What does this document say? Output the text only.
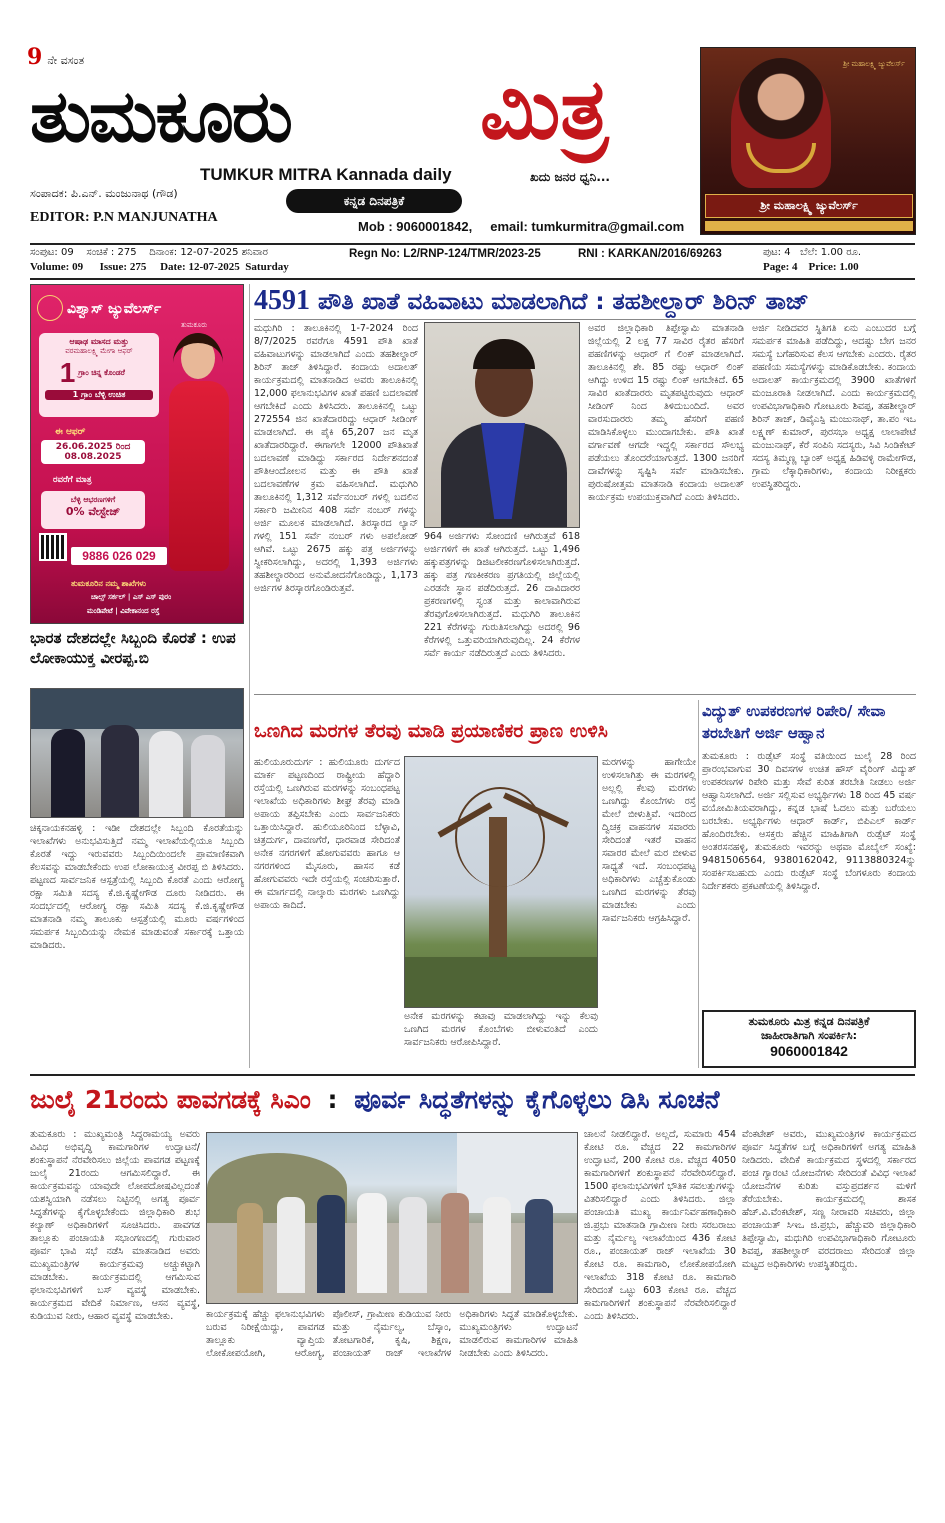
9 ನೇ ವಸಂತ
ತುಮಕೂರು ಮಿತ್ರ
TUMKUR MITRA Kannada daily	ಖದು ಜನರ ಧ್ವನಿ...
ಸಂಪಾದಕ: ಪಿ.ಎನ್. ಮಂಜುನಾಥ (ಗೌಡ)
ಕನ್ನಡ ದಿನಪತ್ರಿಕೆ
EDITOR: P.N MANJUNATHA
Mob : 9060001842,     email: tumkurmitra@gmail.com
ಶ್ರೀ ಮಹಾಲಕ್ಷ್ಮಿ ಜ್ಯುವೆಲರ್ಸ್
ಶ್ರೀ ಮಹಾಲಕ್ಷ್ಮಿ ಜ್ಯುವೆಲರ್ಸ್
ಸಂಪುಟ: 09    ಸಂಚಿಕೆ : 275    ದಿನಾಂಕ: 12-07-2025 ಶನಿವಾರ
Volume: 09      Issue: 275     Date: 12-07-2025  Saturday
Regn No: L2/RNP-124/TMR/2023-25	RNI : KARKAN/2016/69263	ಪುಟ: 4   ಬೆಲೆ: 1.00 ರೂ.
Page: 4    Price: 1.00
ವಿಶ್ವಾಸ್ ಜ್ಯುವೆಲರ್ಸ್
ತುಮಕೂರು
ಆಷಾಢ ಮಾಸದ ಮತ್ತು
ವರಮಹಾಲಕ್ಷ್ಮಿ ಮೇಗಾ ಆಫರ್
1 ಗ್ರಾಂ ಚಿನ್ನ ಕೊಂಡರೆ
1 ಗ್ರಾಂ ಬೆಳ್ಳಿ ಉಚಿತ
ಈ ಆಫರ್
26.06.2025 ರಿಂದ
08.08.2025
ರವರೆಗೆ ಮಾತ್ರ
ಬೆಳ್ಳಿ ಆಭರಣಗಳಿಗೆ
0% ವೇಸ್ಟೇಜ್
9886 026 029
ತುಮಕೂರಿನ ನಮ್ಮ ಶಾಖೆಗಳು
ಚಾಲ್ಸ್ ಸರ್ಕಲ್ | ಎಸ್ ಎಸ್ ಪುರಂ
ಮಂಡಿಪೇಟೆ | ವಿವೇಕಾನಂದ ರಸ್ತೆ
4591 ಪೌತಿ ಖಾತೆ ವಹಿವಾಟು ಮಾಡಲಾಗಿದೆ : ತಹಶೀಲ್ದಾರ್ ಶಿರಿನ್ ತಾಜ್
ಮಧುಗಿರಿ : ತಾಲೂಕಿನಲ್ಲಿ 1-7-2024 ರಿಂದ 8/7/2025 ರವರೆಗೂ 4591 ಪೌತಿ ಖಾತೆ ವಹಿವಾಟುಗಳನ್ನು ಮಾಡಲಾಗಿದೆ ಎಂದು ತಹಶೀಲ್ದಾರ್ ಶಿರಿನ್ ತಾಜ್ ತಿಳಿಸಿದ್ದಾರೆ. ಕಂದಾಯ ಅದಾಲತ್ ಕಾರ್ಯಕ್ರಮದಲ್ಲಿ ಮಾತನಾಡಿದ ಅವರು ತಾಲೂಕಿನಲ್ಲಿ 12,000 ಫಲಾನುಭವಿಗಳ ಖಾತೆ ಪಹಣಿ ಬದಲಾವಣೆ ಆಗಬೇಕಿದೆ ಎಂದು ತಿಳಿಸಿದರು. ತಾಲೂಕಿನಲ್ಲಿ ಒಟ್ಟು 272554 ಜಿನ ಖಾತೆದಾರರಿದ್ದು ಆಧಾರ್ ಸೀಡಿಂಗ್ ಮಾಡಲಾಗಿದೆ. ಈ ಪೈಕಿ 65,207 ಜನ ಮೃತ ಖಾತೆದಾರರಿದ್ದಾರೆ. ಈಗಾಗಲೇ 12000 ಪೌತಿಖಾತೆ ಬದಲಾವಣೆ ಮಾಡಿದ್ದು ಸರ್ಕಾರದ ನಿರ್ದೇಶನದಂತೆ ಪೌತಿಆಂದೋಲನ ಮತ್ತು ಈ ಪೌತಿ ಖಾತೆ ಬದಲಾವಣೆಗಳ ಕ್ರಮ ವಹಿಸಲಾಗಿದೆ. ಮಧುಗಿರಿ ತಾಲೂಕಿನಲ್ಲಿ 1,312 ಸರ್ವೆನಂಬರ್ ಗಳಲ್ಲಿ ಬದಲಿನ ಸರ್ಕಾರಿ ಜಮೀನಿನ 408 ಸರ್ವೆ ನಂಬರ್ ಗಳನ್ನು ಅರ್ಜಿ ಮೂಲಕ ಮಾಡಲಾಗಿದೆ. ತಿರಸ್ಕಾರದ ಲ್ಯಾನ್ ಗಳಲ್ಲಿ 151 ಸರ್ವೆ ನಂಬರ್ ಗಳು ಅಪಲೋಡ್ ಆಗಿವೆ. ಒಟ್ಟು 2675 ಹಕ್ಕು ಪತ್ರ ಅರ್ಜಿಗಳನ್ನು ಸ್ವೀಕರಿಸಲಾಗಿದ್ದು, ಅದರಲ್ಲಿ 1,393 ಅರ್ಜಿಗಳು ತಹಶೀಲ್ದಾರರಿಂದ ಅನುಮೋದನೆಗೊಂಡಿದ್ದು, 1,173 ಅರ್ಜಿಗಳ ತಿರಸ್ಕಾರಗೊಂಡಿರುತ್ತವೆ.
964 ಅರ್ಜಿಗಳು ಸೋಂದಣಿ ಆಗಿರುತ್ತವೆ 618 ಅರ್ಜಿಗಳಿಗೆ ಈ ಖಾತೆ ಆಗಿರುತ್ತದೆ. ಒಟ್ಟು 1,496 ಹಕ್ಕುಪತ್ರಗಳನ್ನು ಡಿಜಿಟಲೀಕರಣಗೊಳಿಸಲಾಗಿರುತ್ತದೆ. ಹಕ್ಕು ಪತ್ರ ಗಣಕೀಕರಣ ಪ್ರಗತಿಯಲ್ಲಿ ಜಿಲ್ಲೆಯಲ್ಲಿ ಎರಡನೇ ಸ್ಥಾನ ಪಡೆದಿರುತ್ತದೆ. 26 ದಾವಿದಾರರ ಪ್ರಕರಣಗಳಲ್ಲಿ ಸ್ವಂತ ಮತ್ತು ಕಾಲಾವಾಗಿರುವ ತೆರವುಗೊಳಿಸಲಾಗಿರುತ್ತದೆ. ಮಧುಗಿರಿ ತಾಲೂಕಿನ 221 ಕೆರೆಗಳನ್ನು ಗುರುತಿಸಲಾಗಿದ್ದು ಅದರಲ್ಲಿ 96 ಕೆರೆಗಳಲ್ಲಿ ಒತ್ತುವರಿಯಾಗಿರುವುದಿಲ್ಲ. 24 ಕೆರೆಗಳ ಸರ್ವೆ ಕಾರ್ಯ ನಡೆದಿರುತ್ತದೆ ಎಂದು ತಿಳಿಸಿದರು.
ಅವರ ಜಿಲ್ಲಾಧಿಕಾರಿ ತಿಪ್ಪೇಸ್ವಾಮಿ ಮಾತನಾಡಿ ಜಿಲ್ಲೆಯಲ್ಲಿ 2 ಲಕ್ಷ 77 ಸಾವಿರ ರೈತರ ಹೆಸರಿಗೆ ಪಹಣಿಗಳನ್ನು ಆಧಾರ್ ಗೆ ಲಿಂಕ್ ಮಾಡಲಾಗಿದೆ. ತಾಲೂಕಿನಲ್ಲಿ ಶೇ. 85 ರಷ್ಟು ಆಧಾರ್ ಲಿಂಕ್ ಆಗಿದ್ದು ಉಳಿದ 15 ರಷ್ಟು ಲಿಂಕ್ ಆಗಬೇಕಿದೆ. 65 ಸಾವಿರ ಖಾತೆದಾರರು ಮೃತಪಟ್ಟಿರುವುದು ಆಧಾರ್ ಸೀಡಿಂಗ್ ನಿಂದ ತಿಳಿದುಬಂದಿದೆ. ಅವರ ವಾರಸುದಾರರು ತಮ್ಮ ಹೆಸರಿಗೆ ಪಹಣಿ ಮಾಡಿಸಿಕೊಳ್ಳಲು ಮುಂದಾಗಬೇಕು. ಪೌತಿ ಖಾತೆ ವರ್ಗಾವಣೆ ಆಗದೇ ಇದ್ದಲ್ಲಿ ಸರ್ಕಾರದ ಸೌಲಭ್ಯ ಪಡೆಯಲು ತೊಂದರೆಯಾಗುತ್ತದೆ. 1300 ಜನರಿಗೆ ದಾವೆಗಳನ್ನು ಸೃಷ್ಟಿಸಿ ಸರ್ವೆ ಮಾಡಿಸಬೇಕು. ಪುರುಷೋತ್ತಮ ಮಾತನಾಡಿ ಕಂದಾಯ ಅದಾಲತ್ ಕಾರ್ಯಕ್ರಮ ಉಪಯುಕ್ತವಾಗಿದೆ ಎಂದು ತಿಳಿಸಿದರು.
ಅರ್ಜಿ ನೀಡಿದವರ ಸ್ಥಿತಿಗತಿ ಏನು ಎಂಬುದರ ಬಗ್ಗೆ ಸಮರ್ಪಕ ಮಾಹಿತಿ ಪಡೆದಿದ್ದು, ಆದಷ್ಟು ಬೇಗ ಜನರ ಸಮಸ್ಯೆ ಬಗೆಹರಿಸುವ ಕೆಲಸ ಆಗಬೇಕು ಎಂದರು. ರೈತರ ಪಹಣಿಯ ಸಮಸ್ಯೆಗಳನ್ನು ಮಾಡಿಕೊಡಬೇಕು. ಕಂದಾಯ ಅದಾಲತ್ ಕಾರ್ಯಕ್ರಮದಲ್ಲಿ 3900 ಖಾತೆಗಳಿಗೆ ಮಂಜೂರಾತಿ ನೀಡಲಾಗಿದೆ. ಎಂದು ಕಾರ್ಯಕ್ರಮದಲ್ಲಿ ಉಪವಿಭಾಗಾಧಿಕಾರಿ ಗೋಟೂರು ಶಿವಪ್ಪ, ತಹಶೀಲ್ದಾರ್ ಶಿರಿನ್ ತಾಜ್, ಡಿವೈಎಸ್ಪಿ ಮಂಜುನಾಥ್, ತಾ.ಪಂ ಇಒ ಲಕ್ಷ್ಮಣ್ ಕುಮಾರ್, ಪುರಸಭಾ ಅಧ್ಯಕ್ಷ ಲಾಲಾಪೇಟೆ ಮಂಜುನಾಥ್, ಕೆರೆ ಸಂಪಿನಿ ಸದಸ್ಯರು, ಸಿವಿ ಸಿಂಡಿಕೇಟ್ ಸದಸ್ಯ ತಿಮ್ಮಣ್ಣ ಬ್ಯಾಂಕ್ ಅಧ್ಯಕ್ಷ ಹಿಡಿವಳ್ಳಿ ರಾಮೇಗೌಡ, ಗ್ರಾಮ ಲೆಕ್ಕಾಧಿಕಾರಿಗಳು, ಕಂದಾಯ ನಿರೀಕ್ಷಕರು ಉಪಸ್ಥಿತರಿದ್ದರು.
ಭಾರತ ದೇಶದಲ್ಲೇ ಸಿಬ್ಬಂದಿ ಕೊರತೆ : ಉಪ ಲೋಕಾಯುಕ್ತ ವೀರಪ್ಪ.ಬಿ
ಚಿಕ್ಕನಾಯಕನಹಳ್ಳಿ : ಇಡೀ ದೇಶದಲ್ಲೇ ಸಿಬ್ಬಂದಿ ಕೊರತೆಯನ್ನು ಇಲಾಖೆಗಳು ಅನುಭವಿಸುತ್ತಿದೆ ನಮ್ಮ ಇಲಾಖೆಯಲ್ಲಿಯೂ ಸಿಬ್ಬಂದಿ ಕೊರತೆ ಇದ್ದು ಇರುವವರು ಸಿಬ್ಬಂದಿಯಿಂದಲೇ ಪ್ರಾಮಾಣಿಕವಾಗಿ ಕೆಲಸವನ್ನು ಮಾಡಬೇಕೆಂದು ಉಪ ಲೋಕಾಯುಕ್ತ ವೀರಪ್ಪ ಬಿ ತಿಳಿಸಿದರು. ಪಟ್ಟಣದ ಸಾರ್ವಜನಿಕ ಆಸ್ಪತ್ರೆಯಲ್ಲಿ ಸಿಬ್ಬಂದಿ ಕೊರತೆ ಎಂದು ಆರೋಗ್ಯ ರಕ್ಷಾ ಸಮಿತಿ ಸದಸ್ಯ ಕೆ.ಜಿ.ಕೃಷ್ಣೇಗೌಡ ದೂರು ನೀಡಿದರು. ಈ ಸಂದರ್ಭದಲ್ಲಿ ಆರೋಗ್ಯ ರಕ್ಷಾ ಸಮಿತಿ ಸದಸ್ಯ ಕೆ.ಜಿ.ಕೃಷ್ಣೇಗೌಡ ಮಾತನಾಡಿ ನಮ್ಮ ತಾಲೂಕು ಆಸ್ಪತ್ರೆಯಲ್ಲಿ ಮೂರು ವರ್ಷಗಳಿಂದ ಸಮರ್ಪಕ ಸಿಬ್ಬಂದಿಯನ್ನು ನೇಮಕ ಮಾಡುವಂತೆ ಸರ್ಕಾರಕ್ಕೆ ಒತ್ತಾಯ ಮಾಡಿದರು.
ಒಣಗಿದ ಮರಗಳ ತೆರವು ಮಾಡಿ ಪ್ರಯಾಣಿಕರ ಪ್ರಾಣ ಉಳಿಸಿ
ಹುಲಿಯೂರುದುರ್ಗ : ಹುಲಿಯೂರು ದುರ್ಗದ ಮಾರ್ಕ ಪಟ್ಟಣದಿಂದ ರಾಷ್ಟ್ರೀಯ ಹೆದ್ದಾರಿ ರಸ್ತೆಯಲ್ಲಿ ಒಣಗಿರುವ ಮರಗಳನ್ನು ಸಂಬಂಧಪಟ್ಟ ಇಲಾಖೆಯ ಅಧಿಕಾರಿಗಳು ಶೀಘ್ರ ತೆರವು ಮಾಡಿ ಅಪಾಯ ತಪ್ಪಿಸಬೇಕು ಎಂದು ಸಾರ್ವಜನಿಕರು ಒತ್ತಾಯಿಸಿದ್ದಾರೆ. ಹುಲಿಯೂರಿನಿಂದ ಬೆಳ್ಳಾವಿ, ಚಿತ್ರದುರ್ಗ, ದಾವಣಗೆರೆ, ಧಾರವಾಡ ಸೇರಿದಂತೆ ಅನೇಕ ನಗರಗಳಿಗೆ ಹೋಗುವವರು ಹಾಗೂ ಆ ನಗರಗಳಿಂದ ಮೈಸೂರು, ಹಾಸನ ಕಡೆ ಹೋಗುವವರು ಇದೇ ರಸ್ತೆಯಲ್ಲಿ ಸಂಚರಿಸುತ್ತಾರೆ. ಈ ಮಾರ್ಗದಲ್ಲಿ ನಾಲ್ಕಾರು ಮರಗಳು ಒಣಗಿದ್ದು ಅಪಾಯ ಕಾದಿದೆ.
ಅನೇಕ ಮರಗಳನ್ನು ಕಟಾವು ಮಾಡಲಾಗಿದ್ದು ಇನ್ನು ಕೆಲವು ಒಣಗಿದ ಮರಗಳ ಕೊಂಬೆಗಳು ಬೀಳುವಂತಿದೆ ಎಂದು ಸಾರ್ವಜನಿಕರು ಆರೋಪಿಸಿದ್ದಾರೆ.
ಮರಗಳನ್ನು ಹಾಗೇಯೇ ಉಳಿಸಲಾಗಿತ್ತು ಈ ಮರಗಳಲ್ಲಿ ಅಲ್ಲಲ್ಲಿ ಕೆಲವು ಮರಗಳು ಒಣಗಿದ್ದು ಕೊಂಬೆಗಳು ರಸ್ತೆ ಮೇಲೆ ಬೀಳುತ್ತಿವೆ. ಇದರಿಂದ ದ್ವಿಚಕ್ರ ವಾಹನಗಳ ಸವಾರರು ಸೇರಿದಂತೆ ಇತರೆ ವಾಹನ ಸವಾರರ ಮೇಲೆ ಮರ ಬೀಳುವ ಸಾಧ್ಯತೆ ಇದೆ. ಸಂಬಂಧಪಟ್ಟ ಅಧಿಕಾರಿಗಳು ಎಚ್ಚೆತ್ತುಕೊಂಡು ಒಣಗಿದ ಮರಗಳನ್ನು ತೆರವು ಮಾಡಬೇಕು ಎಂದು ಸಾರ್ವಜನಿಕರು ಆಗ್ರಹಿಸಿದ್ದಾರೆ.
ವಿದ್ಯುತ್ ಉಪಕರಣಗಳ ರಿಪೇರಿ/ ಸೇವಾ ತರಬೇತಿಗೆ ಅರ್ಜಿ ಆಹ್ವಾನ
ತುಮಕೂರು : ರುಡ್ಸೆಟ್ ಸಂಸ್ಥೆ ವತಿಯಿಂದ ಜುಲೈ 28 ರಿಂದ ಪ್ರಾರಂಭವಾಗುವ 30 ದಿವಸಗಳ ಉಚಿತ ಹೌಸ್ ವೈರಿಂಗ್ ವಿದ್ಯುತ್ ಉಪಕರಣಗಳ ರಿಪೇರಿ ಮತ್ತು ಸೇವೆ ಕುರಿತ ತರಬೇತಿ ನೀಡಲು ಅರ್ಜಿ ಆಹ್ವಾನಿಸಲಾಗಿದೆ. ಅರ್ಜಿ ಸಲ್ಲಿಸುವ ಅಭ್ಯರ್ಥಿಗಳು 18 ರಿಂದ 45 ವರ್ಷ ವಯೋಮಿತಿಯವರಾಗಿದ್ದು, ಕನ್ನಡ ಭಾಷೆ ಓದಲು ಮತ್ತು ಬರೆಯಲು ಬರಬೇಕು. ಅಭ್ಯರ್ಥಿಗಳು ಆಧಾರ್ ಕಾರ್ಡ್, ಬಿಪಿಎಲ್ ಕಾರ್ಡ್ ಹೊಂದಿರಬೇಕು. ಆಸಕ್ತರು ಹೆಚ್ಚಿನ ಮಾಹಿತಿಗಾಗಿ ರುಡ್ಸೆಟ್ ಸಂಸ್ಥೆ ಅಂತರಸನಹಳ್ಳಿ, ತುಮಕೂರು ಇವರನ್ನು ಅಥವಾ ಮೊಬೈಲ್ ಸಂಖ್ಯೆ: 9481506564, 9380162042, 9113880324ನ್ನು ಸಂಪರ್ಕಿಸಬಹುದು ಎಂದು ರುಡ್ಸೆಟ್ ಸಂಸ್ಥೆ ಬೆಂಗಳೂರು ಕಂದಾಯ ನಿರ್ದೇಶಕರು ಪ್ರಕಟಣೆಯಲ್ಲಿ ತಿಳಿಸಿದ್ದಾರೆ.
ತುಮಕೂರು ಮಿತ್ರ ಕನ್ನಡ ದಿನಪತ್ರಿಕೆ
ಜಾಹೀರಾತಿಗಾಗಿ ಸಂಪರ್ಕಿಸಿ:
9060001842
ಜುಲೈ 21ರಂದು ಪಾವಗಡಕ್ಕೆ ಸಿಎಂ : ಪೂರ್ವ ಸಿದ್ಧತೆಗಳನ್ನು ಕೈಗೊಳ್ಳಲು ಡಿಸಿ ಸೂಚನೆ
ತುಮಕೂರು : ಮುಖ್ಯಮಂತ್ರಿ ಸಿದ್ದರಾಮಯ್ಯ ಅವರು ವಿವಿಧ ಅಭಿವೃದ್ಧಿ ಕಾಮಗಾರಿಗಳ ಉದ್ಘಾಟನೆ/ ಶಂಕುಸ್ಥಾಪನೆ ನೆರವೇರಿಸಲು ಜಿಲ್ಲೆಯ ಪಾವಗಡ ಪಟ್ಟಣಕ್ಕೆ ಜುಲೈ 21ರಂದು ಆಗಮಿಸಲಿದ್ದಾರೆ. ಈ ಕಾರ್ಯಕ್ರಮವನ್ನು ಯಾವುದೇ ಲೋಪದೋಷವಿಲ್ಲದಂತೆ ಯಶಸ್ವಿಯಾಗಿ ನಡೆಸಲು ನಿಟ್ಟಿನಲ್ಲಿ ಅಗತ್ಯ ಪೂರ್ವ ಸಿದ್ಧತೆಗಳನ್ನು ಕೈಗೊಳ್ಳಬೇಕೆಂದು ಜಿಲ್ಲಾಧಿಕಾರಿ ಶುಭ ಕಲ್ಯಾಣ್ ಅಧಿಕಾರಿಗಳಿಗೆ ಸೂಚಿಸಿದರು. ಪಾವಗಡ ತಾಲ್ಲೂಕು ಪಂಚಾಯತಿ ಸಭಾಂಗಣದಲ್ಲಿ ಗುರುವಾರ ಪೂರ್ವ ಭಾವಿ ಸಭೆ ನಡೆಸಿ ಮಾತನಾಡಿದ ಅವರು ಮುಖ್ಯಮಂತ್ರಿಗಳ ಕಾರ್ಯಕ್ರಮವು ಅಚ್ಚುಕಟ್ಟಾಗಿ ಮಾಡಬೇಕು. ಕಾರ್ಯಕ್ರಮದಲ್ಲಿ ಆಗಮಿಸುವ ಫಲಾನುಭವಿಗಳಿಗೆ ಬಸ್ ವ್ಯವಸ್ಥೆ ಮಾಡಬೇಕು. ಕಾರ್ಯಕ್ರಮದ ವೇದಿಕೆ ನಿರ್ಮಾಣ, ಆಸನ ವ್ಯವಸ್ಥೆ, ಕುಡಿಯುವ ನೀರು, ಆಹಾರ ವ್ಯವಸ್ಥೆ ಮಾಡಬೇಕು.	ಕಾರ್ಯಕ್ರಮಕ್ಕೆ ಹೆಚ್ಚು ಫಲಾನುಭವಿಗಳು ಬರುವ ನಿರೀಕ್ಷೆಯಿದ್ದು, ಪಾವಗಡ ತಾಲ್ಲೂಕು ವ್ಯಾಪ್ತಿಯ ಲೋಕೋಪಯೋಗಿ, ಆರೋಗ್ಯ, ಪೊಲೀಸ್, ಗ್ರಾಮೀಣ ಕುಡಿಯುವ ನೀರು ಮತ್ತು ನೈರ್ಮಲ್ಯ, ಬೆಸ್ಕಾಂ, ತೋಟಗಾರಿಕೆ, ಕೃಷಿ, ಶಿಕ್ಷಣ, ಪಂಚಾಯತ್ ರಾಜ್ ಇಲಾಖೆಗಳ ಅಧಿಕಾರಿಗಳು ಸಿದ್ಧತೆ ಮಾಡಿಕೊಳ್ಳಬೇಕು. ಮುಖ್ಯಮಂತ್ರಿಗಳು ಉದ್ಘಾಟನೆ ಮಾಡಲಿರುವ ಕಾಮಗಾರಿಗಳ ಮಾಹಿತಿ ನೀಡಬೇಕು ಎಂದು ತಿಳಿಸಿದರು.
ಚಾಲನೆ ನೀಡಲಿದ್ದಾರೆ. ಅಲ್ಲದೆ, ಸುಮಾರು 454 ಕೋಟಿ ರೂ. ವೆಚ್ಚದ 22 ಕಾಮಗಾರಿಗಳ ಉದ್ಘಾಟನೆ, 200 ಕೋಟಿ ರೂ. ವೆಚ್ಚದ 4050 ಕಾಮಗಾರಿಗಳಿಗೆ ಶಂಕುಸ್ಥಾಪನೆ ನೆರವೇರಿಸಲಿದ್ದಾರೆ. 1500 ಫಲಾನುಭವಿಗಳಿಗೆ ಭೌತಿಕ ಸವಲತ್ತುಗಳನ್ನು ವಿತರಿಸಲಿದ್ದಾರೆ ಎಂದು ತಿಳಿಸಿದರು. ಜಿಲ್ಲಾ ಪಂಚಾಯತಿ ಮುಖ್ಯ ಕಾರ್ಯನಿರ್ವಹಣಾಧಿಕಾರಿ ಜಿ.ಪ್ರಭು ಮಾತನಾಡಿ ಗ್ರಾಮೀಣ ನೀರು ಸರಬರಾಜು ಮತ್ತು ನೈರ್ಮಲ್ಯ ಇಲಾಖೆಯಿಂದ 436 ಕೋಟಿ ರೂ., ಪಂಚಾಯತ್ ರಾಜ್ ಇಲಾಖೆಯ 30 ಕೋಟಿ ರೂ. ಕಾಮಗಾರಿ, ಲೋಕೋಪಯೋಗಿ ಇಲಾಖೆಯ 318 ಕೋಟಿ ರೂ. ಕಾಮಗಾರಿ ಸೇರಿದಂತೆ ಒಟ್ಟು 603 ಕೋಟಿ ರೂ. ವೆಚ್ಚದ ಕಾಮಗಾರಿಗಳಿಗೆ ಶಂಕುಸ್ಥಾಪನೆ ನೆರವೇರಿಸಲಿದ್ದಾರೆ ಎಂದು ತಿಳಿಸಿದರು.
ವೆಂಕಟೇಶ್ ಅವರು, ಮುಖ್ಯಮಂತ್ರಿಗಳ ಕಾರ್ಯಕ್ರಮದ ಪೂರ್ವ ಸಿದ್ಧತೆಗಳ ಬಗ್ಗೆ ಅಧಿಕಾರಿಗಳಿಗೆ ಅಗತ್ಯ ಮಾಹಿತಿ ನೀಡಿದರು. ವೇದಿಕೆ ಕಾರ್ಯಕ್ರಮದ ಸ್ಥಳದಲ್ಲಿ ಸರ್ಕಾರದ ಪಂಚ ಗ್ಯಾರಂಟಿ ಯೋಜನೆಗಳು ಸೇರಿದಂತೆ ವಿವಿಧ ಇಲಾಖೆ ಯೋಜನೆಗಳ ಕುರಿತು ವಸ್ತುಪ್ರದರ್ಶನ ಮಳಿಗೆ ತೆರೆಯಬೇಕು. ಕಾರ್ಯಕ್ರಮದಲ್ಲಿ ಶಾಸಕ ಹೆಚ್.ವಿ.ವೆಂಕಟೇಶ್, ಸಣ್ಣ ನೀರಾವರಿ ಸಚಿವರು, ಜಿಲ್ಲಾ ಪಂಚಾಯತ್ ಸಿಇಒ ಜಿ.ಪ್ರಭು, ಹೆಚ್ಚುವರಿ ಜಿಲ್ಲಾಧಿಕಾರಿ ತಿಪ್ಪೇಸ್ವಾಮಿ, ಮಧುಗಿರಿ ಉಪವಿಭಾಗಾಧಿಕಾರಿ ಗೋಟೂರು ಶಿವಪ್ಪ, ತಹಶೀಲ್ದಾರ್ ವರದರಾಜು ಸೇರಿದಂತೆ ಜಿಲ್ಲಾ ಮಟ್ಟದ ಅಧಿಕಾರಿಗಳು ಉಪಸ್ಥಿತರಿದ್ದರು.
